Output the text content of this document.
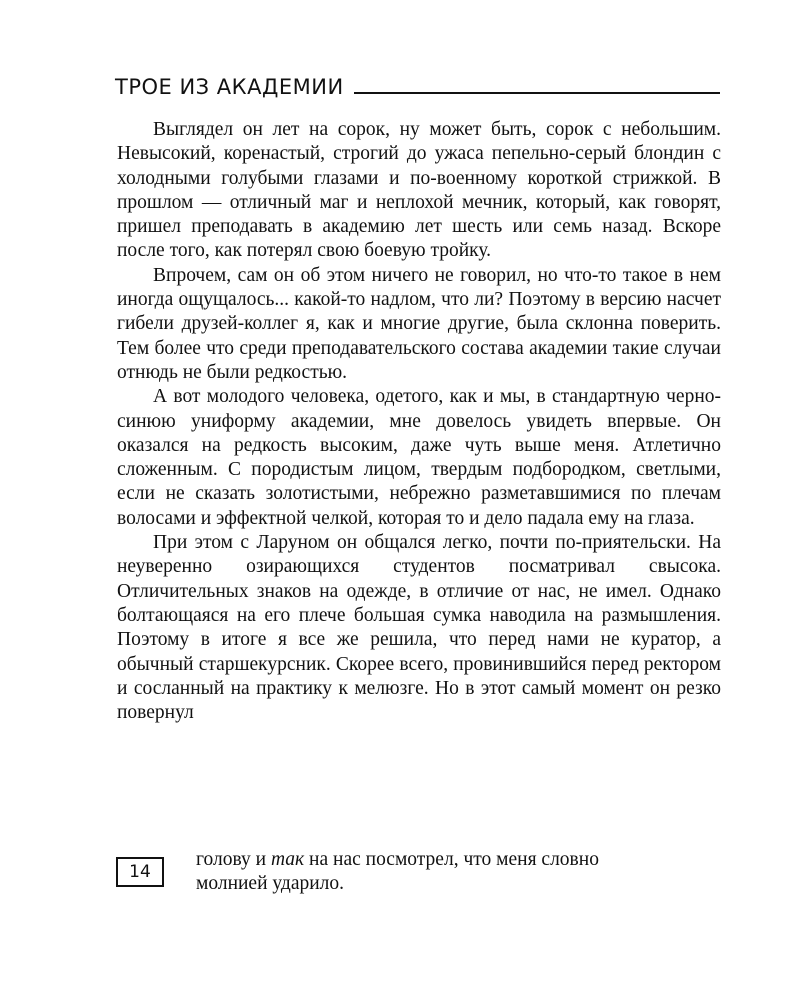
ТРОЕ ИЗ АКАДЕМИИ

Выглядел он лет на сорок, ну может быть, сорок с небольшим. Невысокий, коренастый, строгий до ужаса пепельно-серый блондин с холодными голубыми глазами и по-военному короткой стрижкой. В прошлом — отличный маг и неплохой мечник, который, как говорят, пришел преподавать в академию лет шесть или семь назад. Вскоре после того, как потерял свою боевую тройку.

Впрочем, сам он об этом ничего не говорил, но что-то такое в нем иногда ощущалось... какой-то надлом, что ли? Поэтому в версию насчет гибели друзей-коллег я, как и многие другие, была склонна поверить. Тем более что среди преподавательского состава академии такие случаи отнюдь не были редкостью.

А вот молодого человека, одетого, как и мы, в стандартную черно-синюю униформу академии, мне довелось увидеть впервые. Он оказался на редкость высоким, даже чуть выше меня. Атлетично сложенным. С породистым лицом, твердым подбородком, светлыми, если не сказать золотистыми, небрежно разметавшимися по плечам волосами и эффектной челкой, которая то и дело падала ему на глаза.

При этом с Ларуном он общался легко, почти по-приятельски. На неуверенно озирающихся студентов посматривал свысока. Отличительных знаков на одежде, в отличие от нас, не имел. Однако болтающаяся на его плече большая сумка наводила на размышления. Поэтому в итоге я все же решила, что перед нами не куратор, а обычный старшекурсник. Скорее всего, провинившийся перед ректором и сосланный на практику к мелюзге. Но в этот самый момент он резко повернул

14
голову и так на нас посмотрел, что меня словно
молнией ударило.
